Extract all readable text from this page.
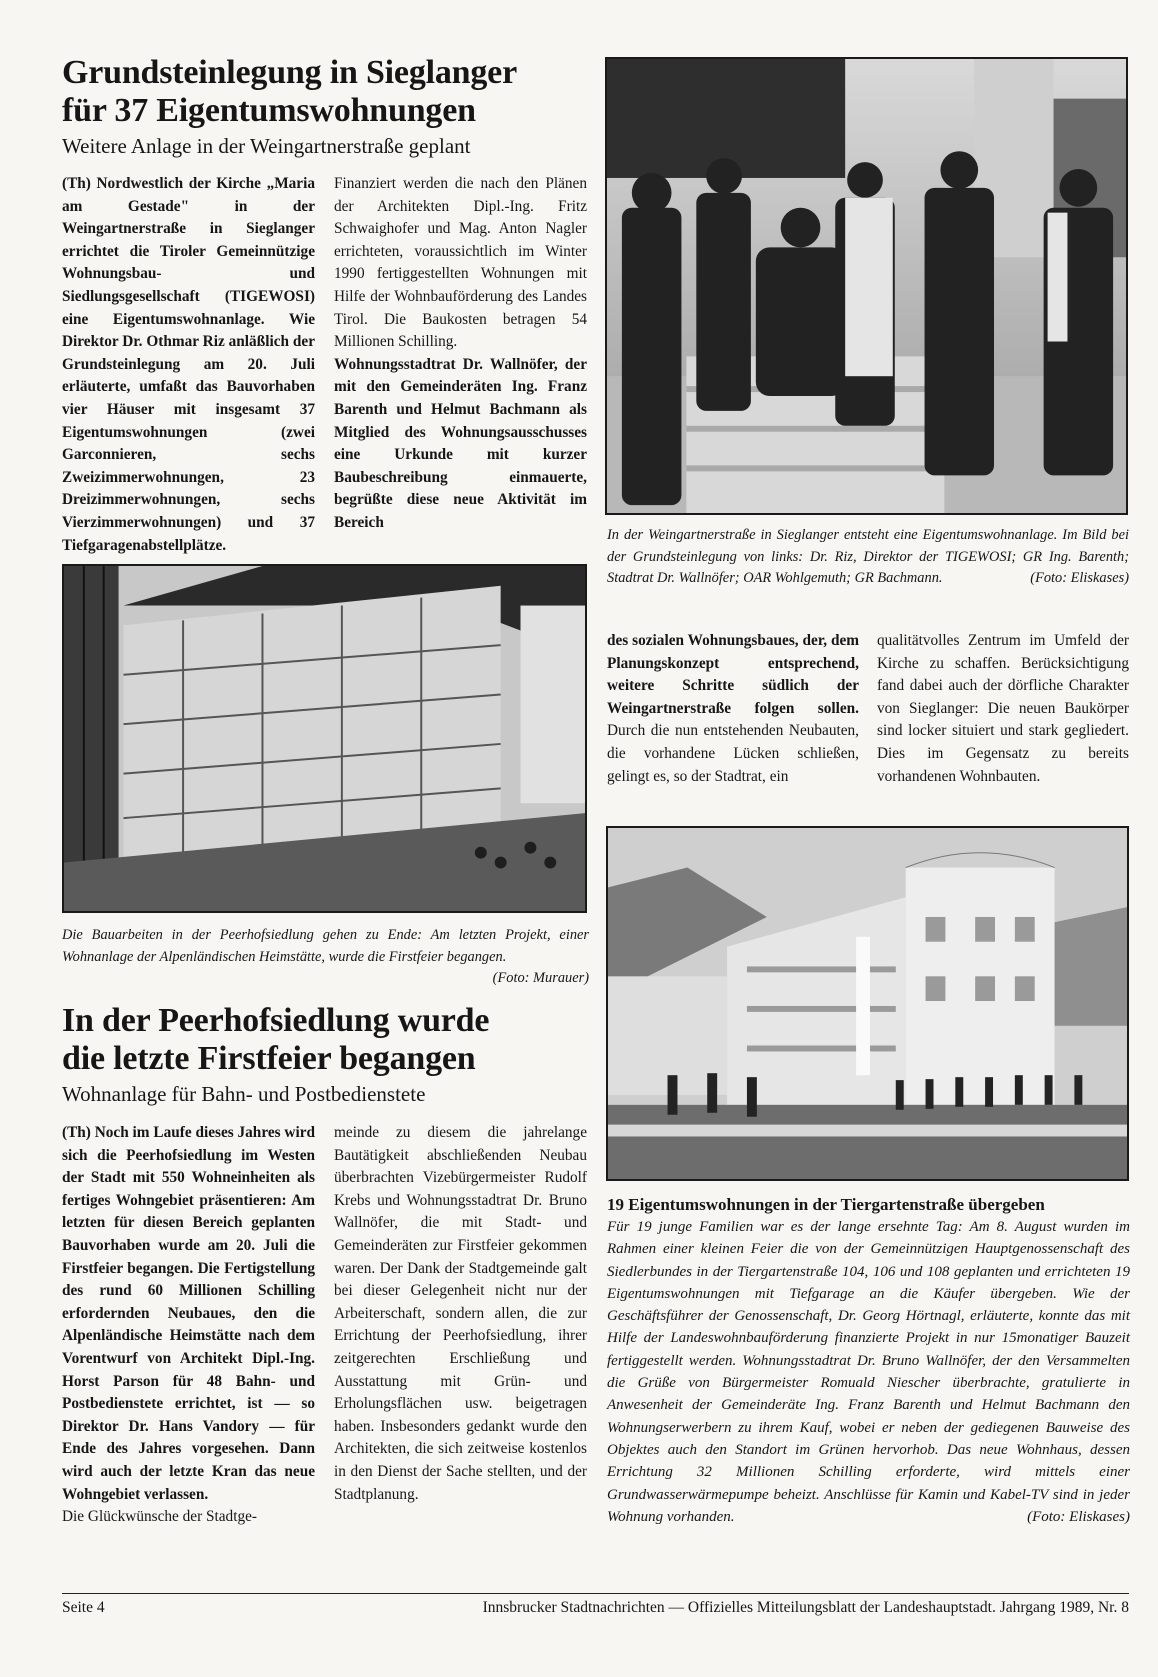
Grundsteinlegung in Sieglanger
für 37 Eigentumswohnungen

Weitere Anlage in der Weingartnerstraße geplant

(Th) Nordwestlich der Kirche „Maria am Gestade" in der Weingartnerstraße in Sieglanger errichtet die Tiroler Gemeinnützige Wohnungsbau- und Siedlungsgesellschaft (TIGEWOSI) eine Eigentumswohnanlage. Wie Direktor Dr. Othmar Riz anläßlich der Grundsteinlegung am 20. Juli erläuterte, umfaßt das Bauvorhaben vier Häuser mit insgesamt 37 Eigentumswohnungen (zwei Garconnieren, sechs Zweizimmerwohnungen, 23 Dreizimmerwohnungen, sechs Vierzimmerwohnungen) und 37 Tiefgaragenabstellplätze.

Finanziert werden die nach den Plänen der Architekten Dipl.-Ing. Fritz Schwaighofer und Mag. Anton Nagler errichteten, voraussichtlich im Winter 1990 fertiggestellten Wohnungen mit Hilfe der Wohnbauförderung des Landes Tirol. Die Baukosten betragen 54 Millionen Schilling.

Wohnungsstadtrat Dr. Wallnöfer, der mit den Gemeinderäten Ing. Franz Barenth und Helmut Bachmann als Mitglied des Wohnungsausschusses eine Urkunde mit kurzer Baubeschreibung einmauerte, begrüßte diese neue Aktivität im Bereich

In der Weingartnerstraße in Sieglanger entsteht eine Eigentumswohnanlage. Im Bild bei der Grundsteinlegung von links: Dr. Riz, Direktor der TIGEWOSI; GR Ing. Barenth; Stadtrat Dr. Wallnöfer; OAR Wohlgemuth; GR Bachmann.	(Foto: Eliskases)

des sozialen Wohnungsbaues, der, dem Planungskonzept entsprechend, weitere Schritte südlich der Weingartnerstraße folgen sollen. Durch die nun entstehenden Neubauten, die vorhandene Lücken schließen, gelingt es, so der Stadtrat, ein

qualitätvolles Zentrum im Umfeld der Kirche zu schaffen. Berücksichtigung fand dabei auch der dörfliche Charakter von Sieglanger: Die neuen Baukörper sind locker situiert und stark gegliedert. Dies im Gegensatz zu bereits vorhandenen Wohnbauten.

Die Bauarbeiten in der Peerhofsiedlung gehen zu Ende: Am letzten Projekt, einer Wohnanlage der Alpenländischen Heimstätte, wurde die Firstfeier begangen.
(Foto: Murauer)
In der Peerhofsiedlung wurde
die letzte Firstfeier begangen

Wohnanlage für Bahn- und Postbedienstete

(Th) Noch im Laufe dieses Jahres wird sich die Peerhofsiedlung im Westen der Stadt mit 550 Wohneinheiten als fertiges Wohngebiet präsentieren: Am letzten für diesen Bereich geplanten Bauvorhaben wurde am 20. Juli die Firstfeier begangen. Die Fertigstellung des rund 60 Millionen Schilling erfordernden Neubaues, den die Alpenländische Heimstätte nach dem Vorentwurf von Architekt Dipl.-Ing. Horst Parson für 48 Bahn- und Postbedienstete errichtet, ist — so Direktor Dr. Hans Vandory — für Ende des Jahres vorgesehen. Dann wird auch der letzte Kran das neue Wohngebiet verlassen.

Die Glückwünsche der Stadtge-

meinde zu diesem die jahrelange Bautätigkeit abschließenden Neubau überbrachten Vizebürgermeister Rudolf Krebs und Wohnungsstadtrat Dr. Bruno Wallnöfer, die mit Stadt- und Gemeinderäten zur Firstfeier gekommen waren. Der Dank der Stadtgemeinde galt bei dieser Gelegenheit nicht nur der Arbeiterschaft, sondern allen, die zur Errichtung der Peerhofsiedlung, ihrer zeitgerechten Erschließung und Ausstattung mit Grün- und Erholungsflächen usw. beigetragen haben. Insbesonders gedankt wurde den Architekten, die sich zeitweise kostenlos in den Dienst der Sache stellten, und der Stadtplanung.

19 Eigentumswohnungen in der Tiergartenstraße übergeben
Für 19 junge Familien war es der lange ersehnte Tag: Am 8. August wurden im Rahmen einer kleinen Feier die von der Gemeinnützigen Hauptgenossenschaft des Siedlerbundes in der Tiergartenstraße 104, 106 und 108 geplanten und errichteten 19 Eigentumswohnungen mit Tiefgarage an die Käufer übergeben. Wie der Geschäftsführer der Genossenschaft, Dr. Georg Hörtnagl, erläuterte, konnte das mit Hilfe der Landeswohnbauförderung finanzierte Projekt in nur 15monatiger Bauzeit fertiggestellt werden. Wohnungsstadtrat Dr. Bruno Wallnöfer, der den Versammelten die Grüße von Bürgermeister Romuald Niescher überbrachte, gratulierte in Anwesenheit der Gemeinderäte Ing. Franz Barenth und Helmut Bachmann den Wohnungserwerbern zu ihrem Kauf, wobei er neben der gediegenen Bauweise des Objektes auch den Standort im Grünen hervorhob. Das neue Wohnhaus, dessen Errichtung 32 Millionen Schilling erforderte, wird mittels einer Grundwasserwärmepumpe beheizt. Anschlüsse für Kamin und Kabel-TV sind in jeder Wohnung vorhanden.	(Foto: Eliskases)
Seite 4	Innsbrucker Stadtnachrichten — Offizielles Mitteilungsblatt der Landeshauptstadt. Jahrgang 1989, Nr. 8
